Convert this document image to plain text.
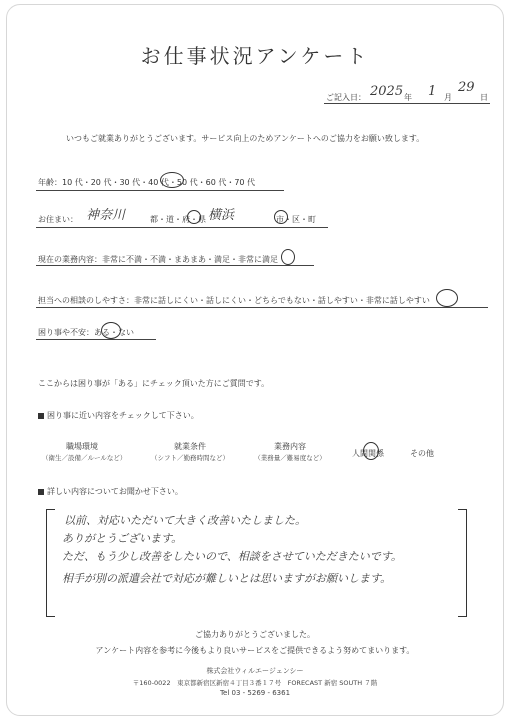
お仕事状況アンケート
ご記入日： 2025 年 1 月
29
日
いつもご就業ありがとうございます。サービス向上のためアンケートへのご協力をお願い致します。
年齢：10 代・20 代・30 代・40 代・50 代・60 代・70 代
お住まい： 神奈川	都・道・府・県 横浜	市・区・町
現在の業務内容：非常に不満・不満・まあまあ・満足・非常に満足
担当への相談のしやすさ：非常に話しにくい・話しにくい・どちらでもない・話しやすい・非常に話しやすい
困り事や不安：ある・ない
ここからは困り事が「ある」にチェック頂いた方にご質問です。
困り事に近い内容をチェックして下さい。
職場環境
（衛生／設備／ルールなど）
就業条件
（シフト／勤務時間など）
業務内容
（業務量／難易度など）	人間関係	その他
詳しい内容についてお聞かせ下さい。
以前、対応いただいて大きく改善いたしました。
ありがとうございます。
ただ、もう少し改善をしたいので、相談をさせていただきたいです。
相手が別の派遣会社で対応が難しいとは思いますがお願いします。
ご協力ありがとうございました。
アンケート内容を参考に今後もより良いサービスをご提供できるよう努めてまいります。
株式会社ウィルエージェンシー
〒160-0022　東京都新宿区新宿４丁目３番１７号　FORECAST 新宿 SOUTH ７階
Tel 03 - 5269 - 6361
